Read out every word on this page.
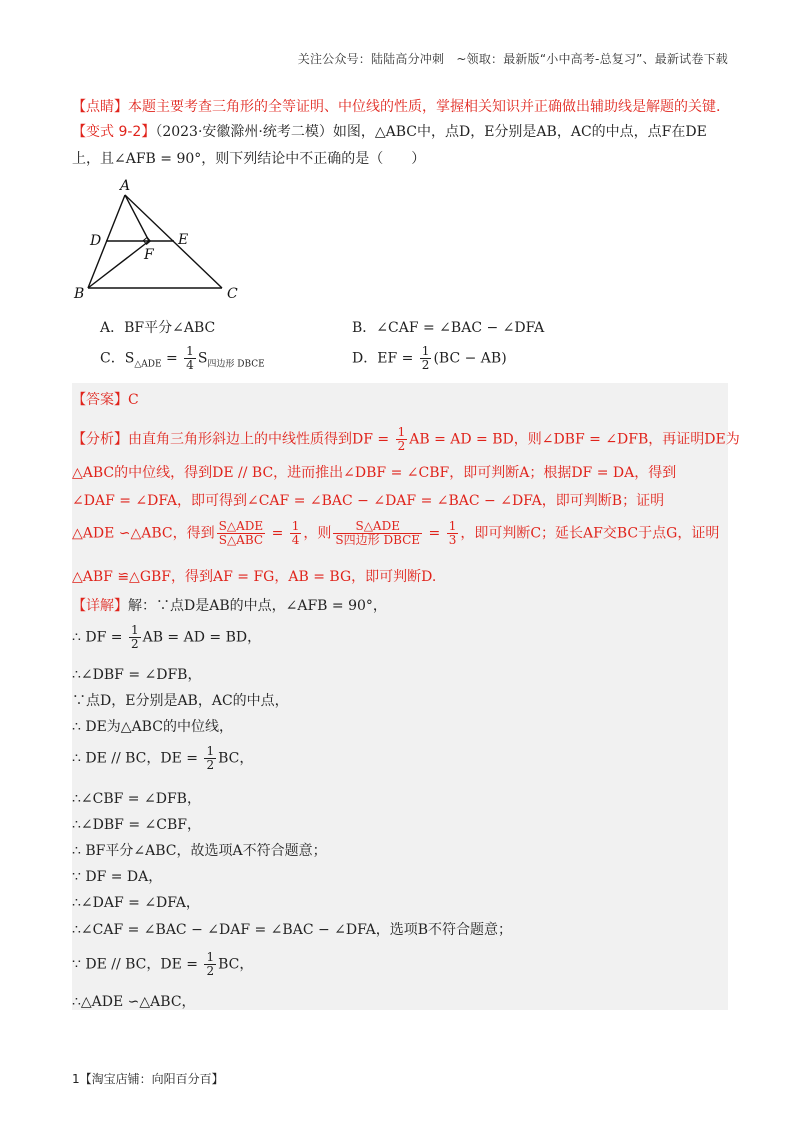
关注公众号：陆陆高分冲刺　~领取：最新版“小中高考-总复习”、最新试卷下载
【点睛】本题主要考查三角形的全等证明、中位线的性质，掌握相关知识并正确做出辅助线是解题的关键.
【变式 9-2】（2023·安徽滁州·统考二模）如图，△ABC中，点D，E分别是AB，AC的中点，点F在DE
上，且∠AFB = 90°，则下列结论中不正确的是（　　）
A
D	E
F
B	C
A．BF平分∠ABC	B．∠CAF = ∠BAC − ∠DFA
C．$S_{\triangle ADE} = \frac{1}{4} S_{四边形 DBCE}$	D．EF = $\frac{1}{2} (BC - AB)$
【答案】C
【分析】由直角三角形斜边上的中线性质得到DF = $\frac{1}{2}$ AB = AD = BD，则∠DBF = ∠DFB，再证明DE为
△ABC的中位线，得到DE // BC，进而推出∠DBF = ∠CBF，即可判断A；根据DF = DA，得到
∠DAF = ∠DFA，即可得到∠CAF = ∠BAC − ∠DAF = ∠BAC − ∠DFA，即可判断B；证明
△ADE ∽△ABC，得到 $\frac{\text{S△ADE}}{\text{S△ABC}} = \frac{1}{4}$ ，则 $\frac{\text{S△ADE}}{\text{S四边形 DBCE}} = \frac{1}{3}$ ，即可判断C；延长AF交BC于点G，证明
△ABF ≌△GBF，得到AF = FG，AB = BG，即可判断D.
【详解】解：∵点D是AB的中点，∠AFB = 90°，
∴ DF = $\frac{1}{2}$ AB = AD = BD，
∴∠DBF = ∠DFB，
∵点D，E分别是AB，AC的中点，
∴ DE为△ABC的中位线，
∴ DE // BC，DE = $\frac{1}{2}$ BC，
∴∠CBF = ∠DFB，
∴∠DBF = ∠CBF，
∴ BF平分∠ABC，故选项A不符合题意；
∵ DF = DA，
∴∠DAF = ∠DFA，
∴∠CAF = ∠BAC − ∠DAF = ∠BAC − ∠DFA，选项B不符合题意；
∵ DE // BC，DE = $\frac{1}{2}$ BC，
∴△ADE ∽△ABC，
1【淘宝店铺：向阳百分百】
